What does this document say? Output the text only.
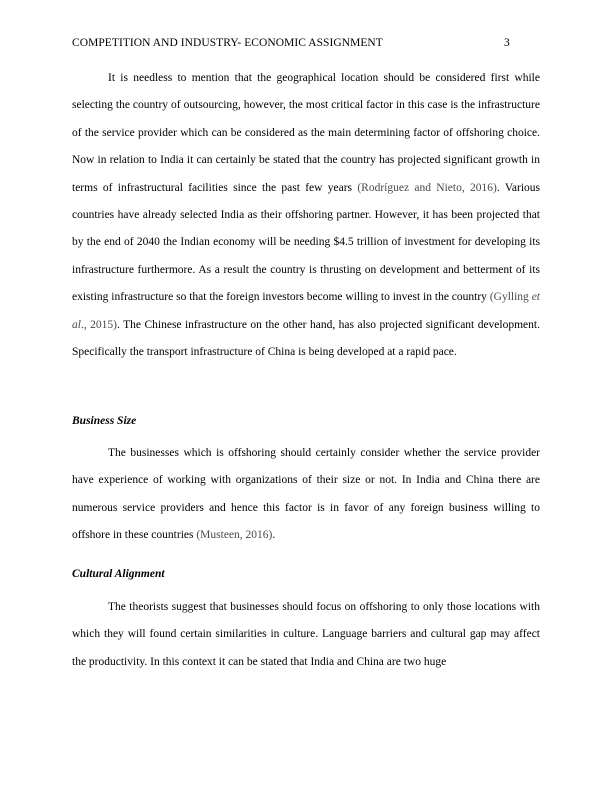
COMPETITION AND INDUSTRY- ECONOMIC ASSIGNMENT	3

It is needless to mention that the geographical location should be considered first while selecting the country of outsourcing, however, the most critical factor in this case is the infrastructure of the service provider which can be considered as the main determining factor of offshoring choice. Now in relation to India it can certainly be stated that the country has projected significant growth in terms of infrastructural facilities since the past few years (Rodríguez and Nieto, 2016). Various countries have already selected India as their offshoring partner. However, it has been projected that by the end of 2040 the Indian economy will be needing $4.5 trillion of investment for developing its infrastructure furthermore. As a result the country is thrusting on development and betterment of its existing infrastructure so that the foreign investors become willing to invest in the country (Gylling et al., 2015). The Chinese infrastructure on the other hand, has also projected significant development. Specifically the transport infrastructure of China is being developed at a rapid pace.

Business Size

The businesses which is offshoring should certainly consider whether the service provider have experience of working with organizations of their size or not. In India and China there are numerous service providers and hence this factor is in favor of any foreign business willing to offshore in these countries (Musteen, 2016).

Cultural Alignment

The theorists suggest that businesses should focus on offshoring to only those locations with which they will found certain similarities in culture. Language barriers and cultural gap may affect the productivity. In this context it can be stated that India and China are two huge
